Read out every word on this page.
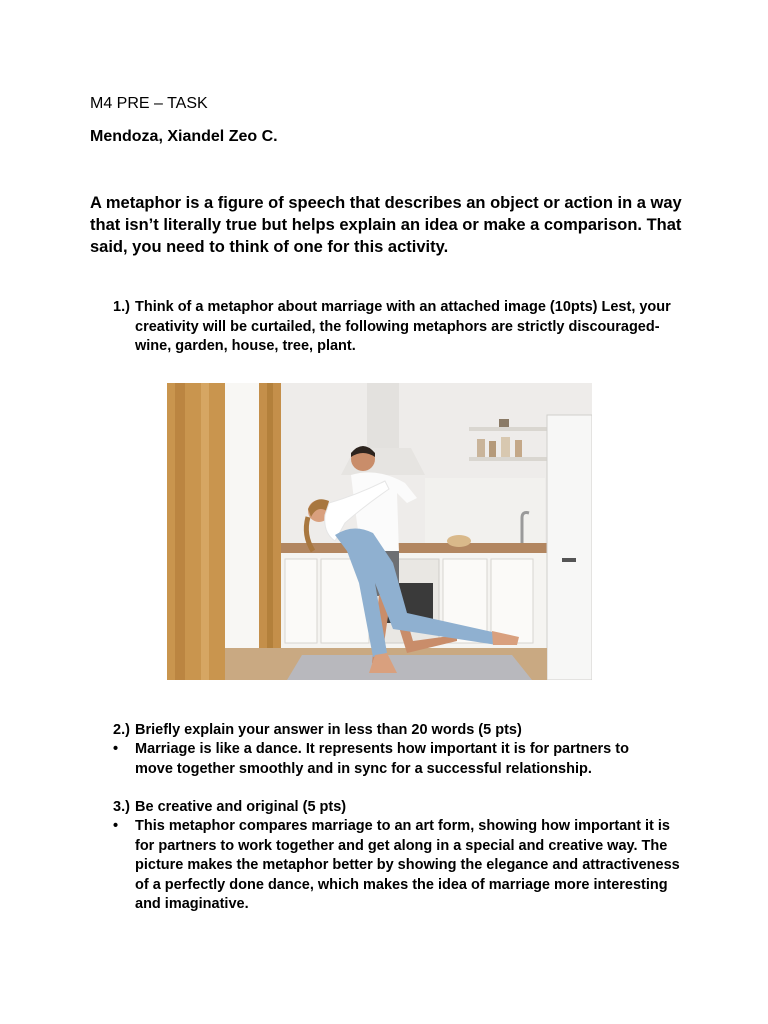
M4 PRE – TASK
Mendoza, Xiandel Zeo C.
A metaphor is a figure of speech that describes an object or action in a way that isn’t literally true but helps explain an idea or make a comparison. That said, you need to think of one for this activity.
1.) Think of a metaphor about marriage with an attached image (10pts) Lest, your creativity will be curtailed, the following metaphors are strictly discouraged- wine, garden, house, tree, plant.
2.) Briefly explain your answer in less than 20 words (5 pts)
•	Marriage is like a dance. It represents how important it is for partners to move together smoothly and in sync for a successful relationship.
3.) Be creative and original (5 pts)
•	This metaphor compares marriage to an art form, showing how important it is for partners to work together and get along in a special and creative way. The picture makes the metaphor better by showing the elegance and attractiveness of a perfectly done dance, which makes the idea of marriage more interesting and imaginative.
